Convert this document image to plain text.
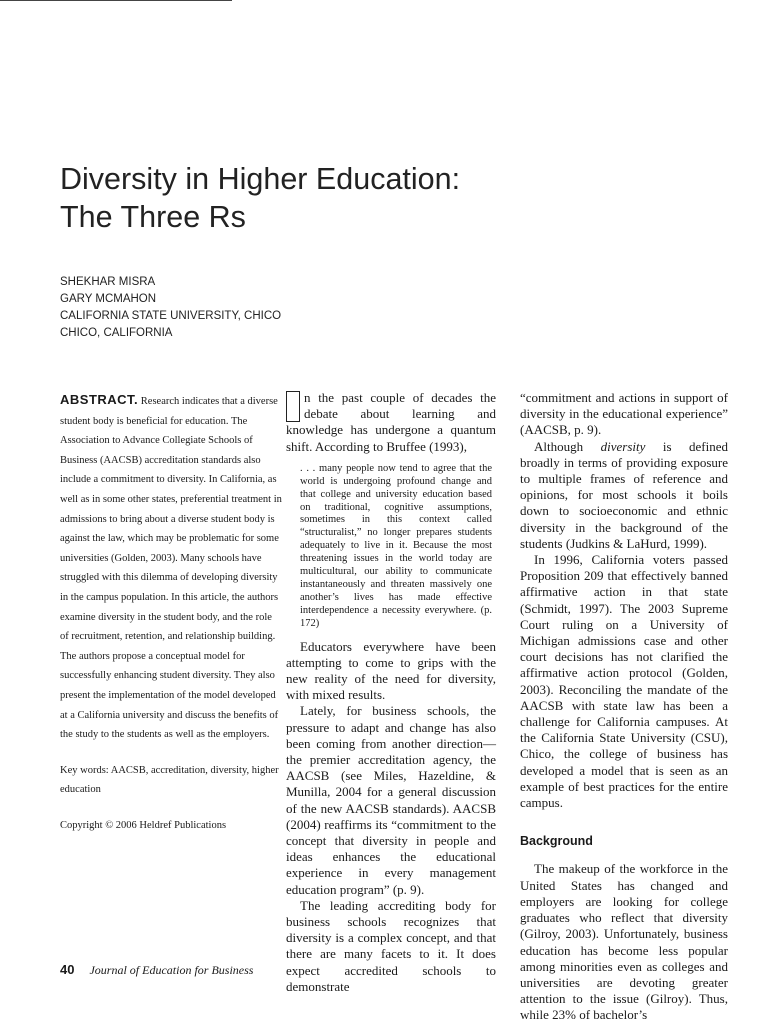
Diversity in Higher Education:
The Three Rs
SHEKHAR MISRA
GARY MCMAHON
CALIFORNIA STATE UNIVERSITY, CHICO
CHICO, CALIFORNIA

ABSTRACT. Research indicates that a diverse student body is beneficial for education. The Association to Advance Collegiate Schools of Business (AACSB) accreditation standards also include a commitment to diversity. In California, as well as in some other states, preferential treatment in admissions to bring about a diverse student body is against the law, which may be problematic for some universities (Golden, 2003). Many schools have struggled with this dilemma of developing diversity in the campus population. In this article, the authors examine diversity in the student body, and the role of recruitment, retention, and relationship building. The authors propose a conceptual model for successfully enhancing student diversity. They also present the implementation of the model developed at a California university and discuss the benefits of the study to the students as well as the employers.

Key words: AACSB, accreditation, diversity, higher education

Copyright © 2006 Heldref Publications

n the past couple of decades the debate about learning and knowledge has undergone a quantum shift. According to Bruffee (1993),
. . . many people now tend to agree that the world is undergoing profound change and that college and university education based on traditional, cognitive assumptions, sometimes in this context called “structuralist,” no longer prepares students adequately to live in it. Because the most threatening issues in the world today are multicultural, our ability to communicate instantaneously and threaten massively one another’s lives has made effective interdependence a necessity everywhere. (p. 172)

Educators everywhere have been attempting to come to grips with the new reality of the need for diversity, with mixed results.

Lately, for business schools, the pressure to adapt and change has also been coming from another direction—the premier accreditation agency, the AACSB (see Miles, Hazeldine, & Munilla, 2004 for a general discussion of the new AACSB standards). AACSB (2004) reaffirms its “commitment to the concept that diversity in people and ideas enhances the educational experience in every management education program” (p. 9).

The leading accrediting body for business schools recognizes that diversity is a complex concept, and that there are many facets to it. It does expect accredited schools to demonstrate

“commitment and actions in support of diversity in the educational experience” (AACSB, p. 9).

Although diversity is defined broadly in terms of providing exposure to multiple frames of reference and opinions, for most schools it boils down to socioeconomic and ethnic diversity in the background of the students (Judkins & LaHurd, 1999).

In 1996, California voters passed Proposition 209 that effectively banned affirmative action in that state (Schmidt, 1997). The 2003 Supreme Court ruling on a University of Michigan admissions case and other court decisions has not clarified the affirmative action protocol (Golden, 2003). Reconciling the mandate of the AACSB with state law has been a challenge for California campuses. At the California State University (CSU), Chico, the college of business has developed a model that is seen as an example of best practices for the entire campus.

Background

The makeup of the workforce in the United States has changed and employers are looking for college graduates who reflect that diversity (Gilroy, 2003). Unfortunately, business education has become less popular among minorities even as colleges and universities are devoting greater attention to the issue (Gilroy). Thus, while 23% of bachelor’s

40 Journal of Education for Business
